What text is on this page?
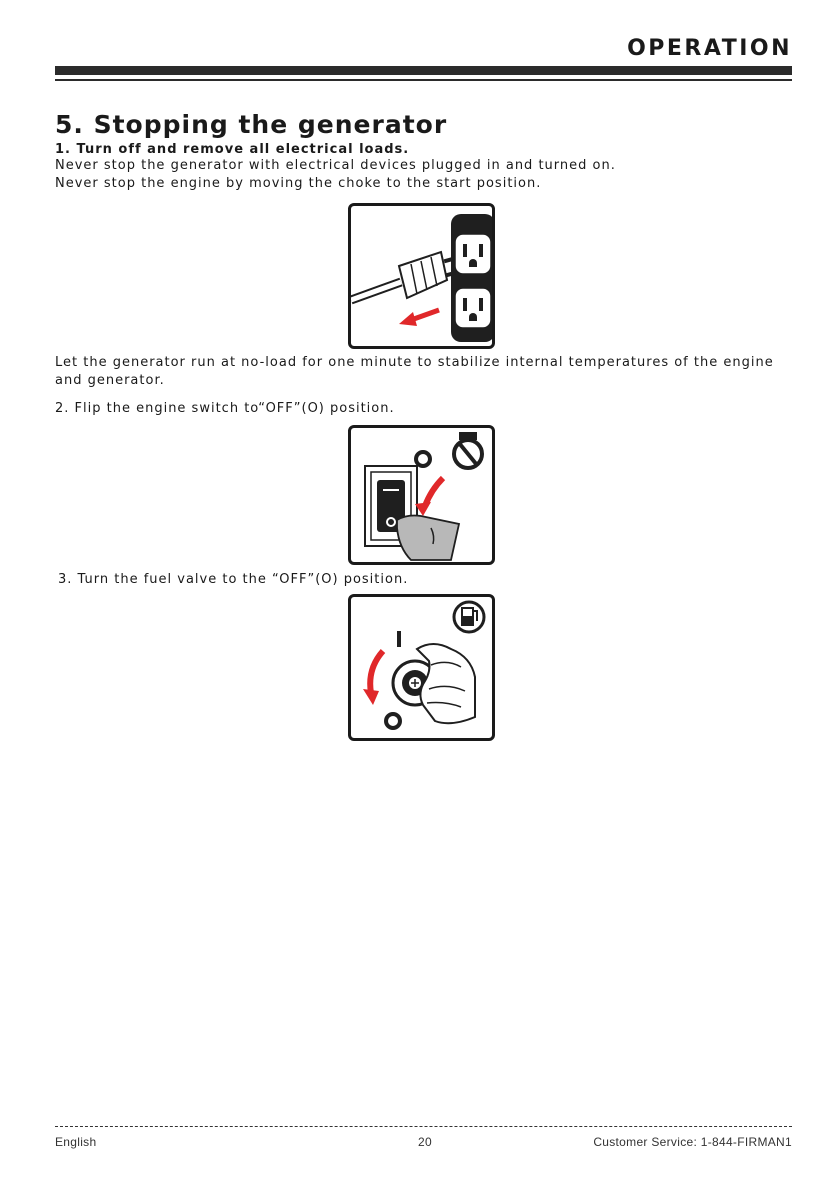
OPERATION
5. Stopping the generator
1. Turn off and remove all electrical loads.
Never stop the generator with electrical devices plugged in and turned on.
Never stop the engine by moving the choke to the start position.
Let the generator run at no-load for one minute to stabilize internal temperatures of the engine and generator.
2. Flip the engine switch to“OFF”(O) position.
3. Turn the fuel valve to the “OFF”(O) position.
English	20	Customer Service: 1-844-FIRMAN1
